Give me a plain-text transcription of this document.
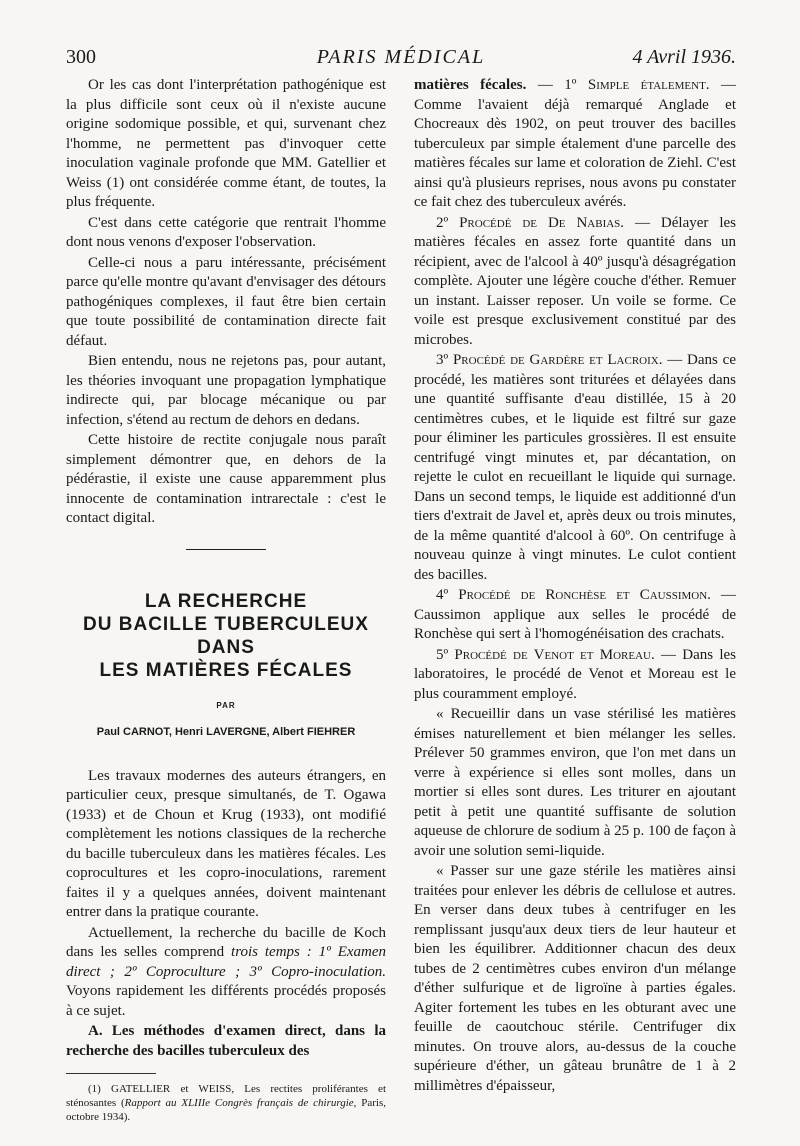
300	PARIS MÉDICAL	4 Avril 1936.

Or les cas dont l'interprétation pathogénique est la plus difficile sont ceux où il n'existe aucune origine sodomique possible, et qui, survenant chez l'homme, ne permettent pas d'invoquer cette inoculation vaginale profonde que MM. Gatellier et Weiss (1) ont considérée comme étant, de toutes, la plus fréquente.

C'est dans cette catégorie que rentrait l'homme dont nous venons d'exposer l'observation.

Celle-ci nous a paru intéressante, précisément parce qu'elle montre qu'avant d'envisager des détours pathogéniques complexes, il faut être bien certain que toute possibilité de contamination directe fait défaut.

Bien entendu, nous ne rejetons pas, pour autant, les théories invoquant une propagation lymphatique indirecte qui, par blocage mécanique ou par infection, s'étend au rectum de dehors en dedans.

Cette histoire de rectite conjugale nous paraît simplement démontrer que, en dehors de la pédérastie, il existe une cause apparemment plus innocente de contamination intrarectale : c'est le contact digital.

LA RECHERCHE
DU BACILLE TUBERCULEUX
DANS
LES MATIÈRES FÉCALES
PAR
Paul CARNOT, Henri LAVERGNE, Albert FIEHRER

Les travaux modernes des auteurs étrangers, en particulier ceux, presque simultanés, de T. Ogawa (1933) et de Choun et Krug (1933), ont modifié complètement les notions classiques de la recherche du bacille tuberculeux dans les matières fécales. Les coprocultures et les copro-inoculations, rarement faites il y a quelques années, doivent maintenant entrer dans la pratique courante.

Actuellement, la recherche du bacille de Koch dans les selles comprend trois temps : 1º Examen direct ; 2º Coproculture ; 3º Copro-inoculation. Voyons rapidement les différents procédés proposés à ce sujet.

A. Les méthodes d'examen direct, dans la recherche des bacilles tuberculeux des

(1) GATELLIER et WEISS, Les rectites proliférantes et sténosantes (Rapport au XLIIIe Congrès français de chirurgie, Paris, octobre 1934).

matières fécales. — 1º Simple étalement. — Comme l'avaient déjà remarqué Anglade et Chocreaux dès 1902, on peut trouver des bacilles tuberculeux par simple étalement d'une parcelle des matières fécales sur lame et coloration de Ziehl. C'est ainsi qu'à plusieurs reprises, nous avons pu constater ce fait chez des tuberculeux avérés.

2º Procédé de De Nabias. — Délayer les matières fécales en assez forte quantité dans un récipient, avec de l'alcool à 40º jusqu'à désagrégation complète. Ajouter une légère couche d'éther. Remuer un instant. Laisser reposer. Un voile se forme. Ce voile est presque exclusivement constitué par des microbes.

3º Procédé de Gardère et Lacroix. — Dans ce procédé, les matières sont triturées et délayées dans une quantité suffisante d'eau distillée, 15 à 20 centimètres cubes, et le liquide est filtré sur gaze pour éliminer les particules grossières. Il est ensuite centrifugé vingt minutes et, par décantation, on rejette le culot en recueillant le liquide qui surnage. Dans un second temps, le liquide est additionné d'un tiers d'extrait de Javel et, après deux ou trois minutes, de la même quantité d'alcool à 60º. On centrifuge à nouveau quinze à vingt minutes. Le culot contient des bacilles.

4º Procédé de Ronchèse et Caussimon. — Caussimon applique aux selles le procédé de Ronchèse qui sert à l'homogénéisation des crachats.

5º Procédé de Venot et Moreau. — Dans les laboratoires, le procédé de Venot et Moreau est le plus couramment employé.

« Recueillir dans un vase stérilisé les matières émises naturellement et bien mélanger les selles. Prélever 50 grammes environ, que l'on met dans un verre à expérience si elles sont molles, dans un mortier si elles sont dures. Les triturer en ajoutant petit à petit une quantité suffisante de solution aqueuse de chlorure de sodium à 25 p. 100 de façon à avoir une solution semi-liquide.

« Passer sur une gaze stérile les matières ainsi traitées pour enlever les débris de cellulose et autres. En verser dans deux tubes à centrifuger en les remplissant jusqu'aux deux tiers de leur hauteur et bien les équilibrer. Additionner chacun des deux tubes de 2 centimètres cubes environ d'un mélange d'éther sulfurique et de ligroïne à parties égales. Agiter fortement les tubes en les obturant avec une feuille de caoutchouc stérile. Centrifuger dix minutes. On trouve alors, au-dessus de la couche supérieure d'éther, un gâteau brunâtre de 1 à 2 millimètres d'épaisseur,
